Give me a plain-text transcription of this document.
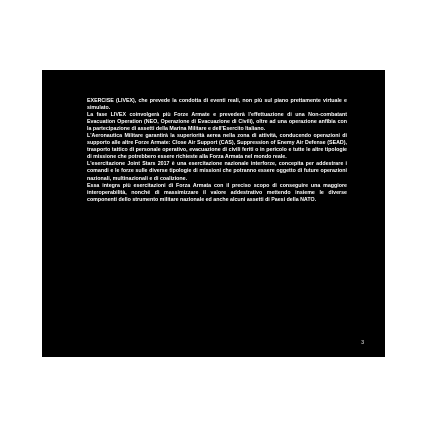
EXERCISE (LIVEX), che prevede la condotta di eventi reali, non più sul piano prettamente virtuale e simulato.

La fase LIVEX coinvolgerà più Forze Armate e prevederà l'effettuazione di una Non-combatant Evacuation Operation (NEO, Operazione di Evacuazione di Civili), oltre ad una operazione anfibia con la partecipazione di assetti della Marina Militare e dell'Esercito Italiano.

L'Aeronautica Militare garantirà la superiorità aerea nella zona di attività, conducendo operazioni di supporto alle altre Forze Armate: Close Air Support (CAS), Suppression of Enemy Air Defense (SEAD), trasporto tattico di personale operativo, evacuazione di civili feriti o in pericolo e tutte le altre tipologie di missione che potrebbero essere richieste alla Forza Armata nel mondo reale.

L'esercitazione Joint Stars 2017 è una esercitazione nazionale interforze, concepita per addestrare i comandi e le forze sulle diverse tipologie di missioni che potranno essere oggetto di future operazioni nazionali, multinazionali e di coalizione.

Essa integra più esercitazioni di Forza Armata con il preciso scopo di conseguire una maggiore interoperabilità, nonché di massimizzare il valore addestrativo mettendo insieme le diverse componenti dello strumento militare nazionale ed anche alcuni assetti di Paesi della NATO.

3
